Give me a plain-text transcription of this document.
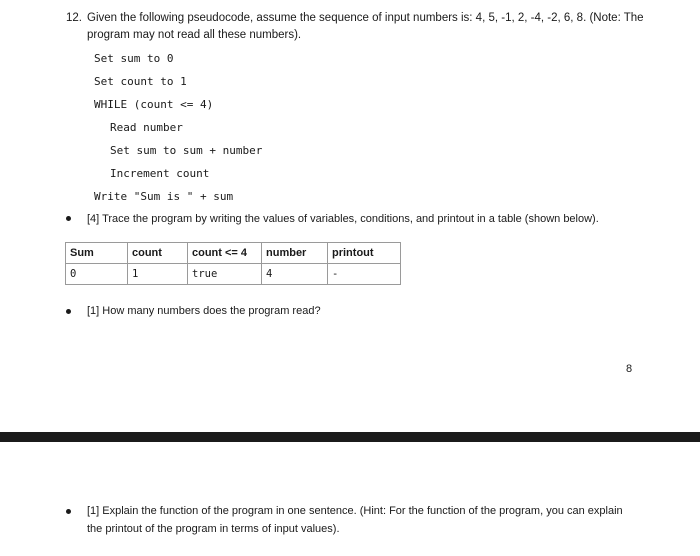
12. Given the following pseudocode, assume the sequence of input numbers is: 4, 5, -1, 2, -4, -2, 6, 8. (Note: The
program may not read all these numbers).
Set sum to 0
Set count to 1
WHILE (count <= 4)
Read number
Set sum to sum + number
Increment count
Write "Sum is " + sum
[4] Trace the program by writing the values of variables, conditions, and printout in a table (shown below).
Sum	count	count <= 4	number	printout
0	1	true	4	-
[1] How many numbers does the program read?
8
[1] Explain the function of the program in one sentence. (Hint: For the function of the program, you can explain
the printout of the program in terms of input values).
